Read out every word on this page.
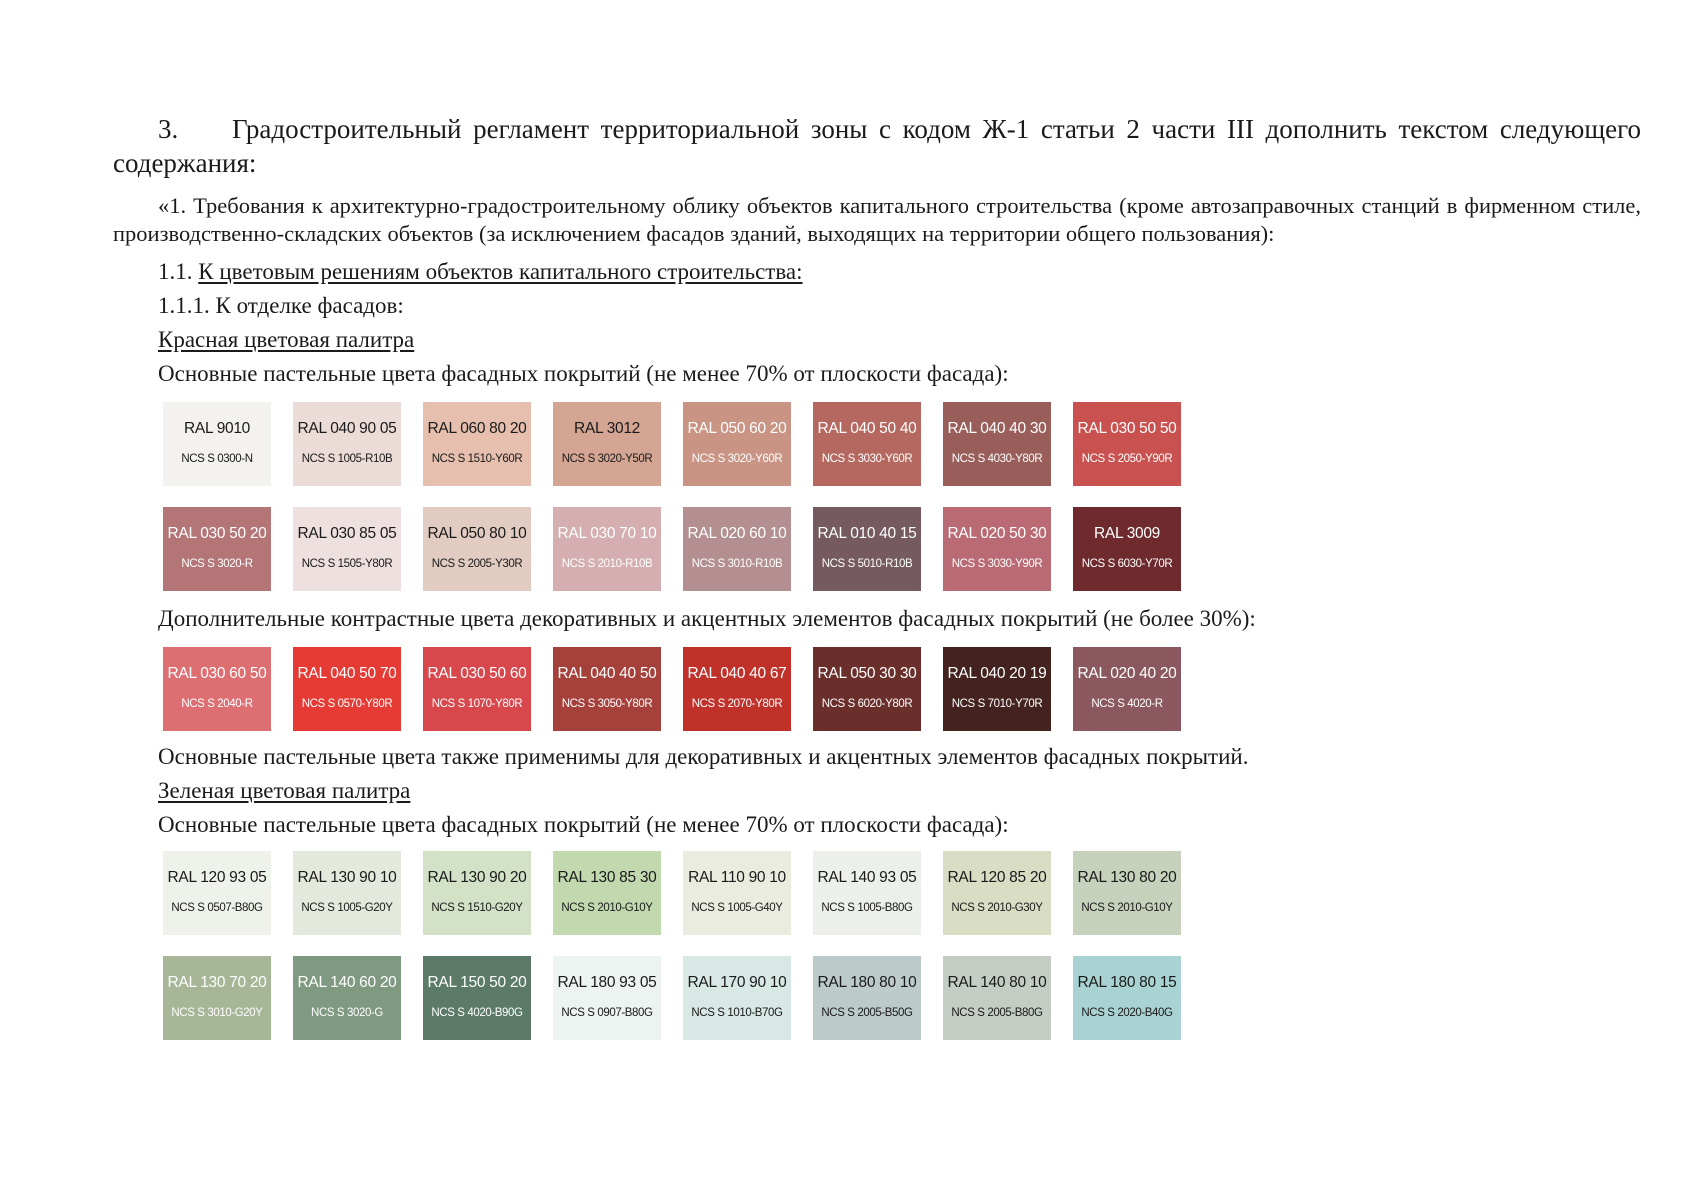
3. Градостроительный регламент территориальной зоны с кодом Ж-1 статьи 2 части III дополнить текстом следующего содержания:
«1. Требования к архитектурно-градостроительному облику объектов капитального строительства (кроме автозаправочных станций в фирменном стиле, производственно-складских объектов (за исключением фасадов зданий, выходящих на территории общего пользования):
1.1. К цветовым решениям объектов капитального строительства:
1.1.1. К отделке фасадов:
Красная цветовая палитра
Основные пастельные цвета фасадных покрытий (не менее 70% от плоскости фасада):
RAL 9010
NCS S 0300-N
RAL 040 90 05
NCS S 1005-R10B
RAL 060 80 20
NCS S 1510-Y60R
RAL 3012
NCS S 3020-Y50R
RAL 050 60 20
NCS S 3020-Y60R
RAL 040 50 40
NCS S 3030-Y60R
RAL 040 40 30
NCS S 4030-Y80R
RAL 030 50 50
NCS S 2050-Y90R
RAL 030 50 20
NCS S 3020-R
RAL 030 85 05
NCS S 1505-Y80R
RAL 050 80 10
NCS S 2005-Y30R
RAL 030 70 10
NCS S 2010-R10B
RAL 020 60 10
NCS S 3010-R10B
RAL 010 40 15
NCS S 5010-R10B
RAL 020 50 30
NCS S 3030-Y90R
RAL 3009
NCS S 6030-Y70R
Дополнительные контрастные цвета декоративных и акцентных элементов фасадных покрытий (не более 30%):
RAL 030 60 50
NCS S 2040-R
RAL 040 50 70
NCS S 0570-Y80R
RAL 030 50 60
NCS S 1070-Y80R
RAL 040 40 50
NCS S 3050-Y80R
RAL 040 40 67
NCS S 2070-Y80R
RAL 050 30 30
NCS S 6020-Y80R
RAL 040 20 19
NCS S 7010-Y70R
RAL 020 40 20
NCS S 4020-R
Основные пастельные цвета также применимы для декоративных и акцентных элементов фасадных покрытий.
Зеленая цветовая палитра
Основные пастельные цвета фасадных покрытий (не менее 70% от плоскости фасада):
RAL 120 93 05
NCS S 0507-B80G
RAL 130 90 10
NCS S 1005-G20Y
RAL 130 90 20
NCS S 1510-G20Y
RAL 130 85 30
NCS S 2010-G10Y
RAL 110 90 10
NCS S 1005-G40Y
RAL 140 93 05
NCS S 1005-B80G
RAL 120 85 20
NCS S 2010-G30Y
RAL 130 80 20
NCS S 2010-G10Y
RAL 130 70 20
NCS S 3010-G20Y
RAL 140 60 20
NCS S 3020-G
RAL 150 50 20
NCS S 4020-B90G
RAL 180 93 05
NCS S 0907-B80G
RAL 170 90 10
NCS S 1010-B70G
RAL 180 80 10
NCS S 2005-B50G
RAL 140 80 10
NCS S 2005-B80G
RAL 180 80 15
NCS S 2020-B40G
